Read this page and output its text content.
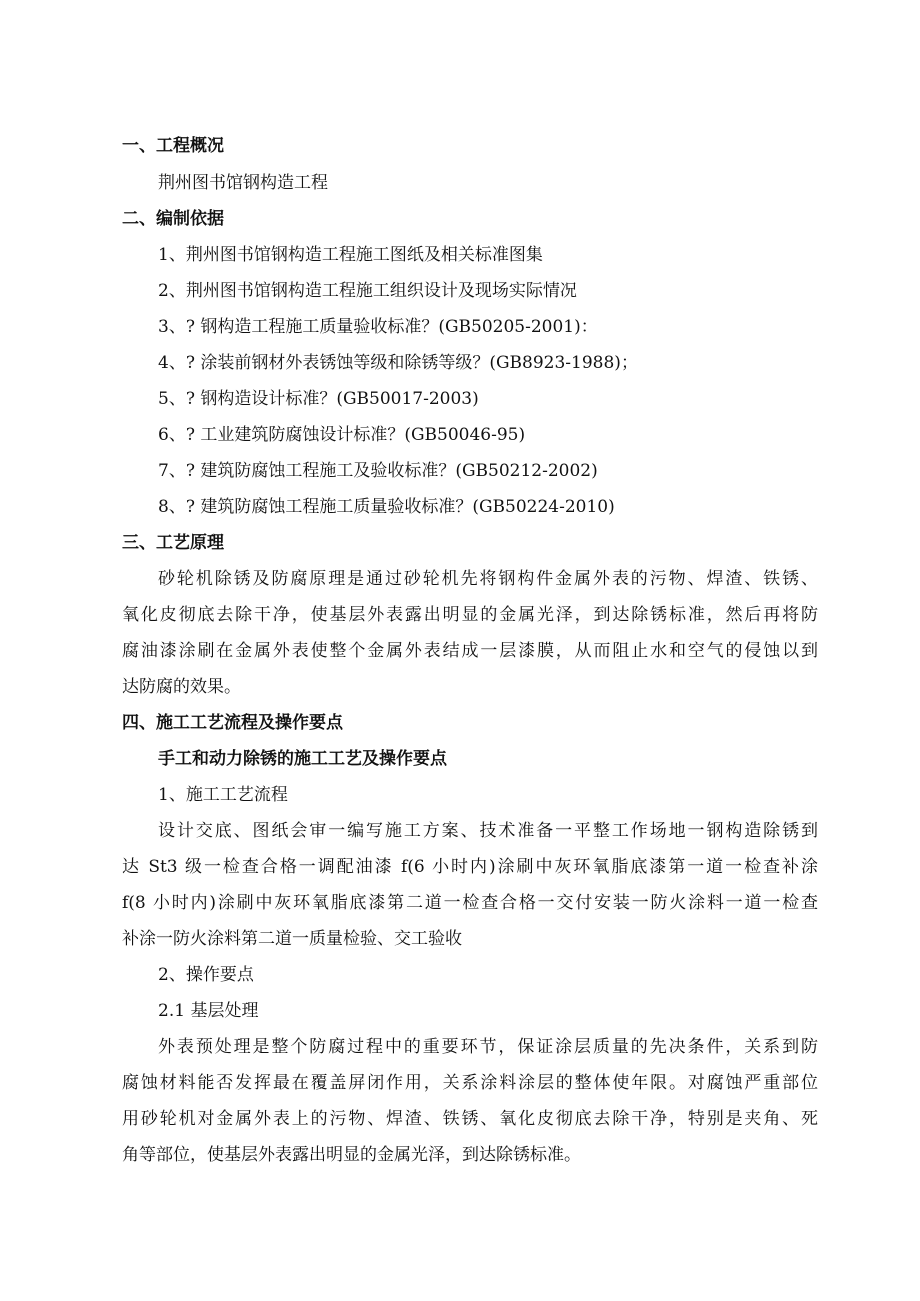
一、工程概况
荆州图书馆钢构造工程
二、编制依据
1、荆州图书馆钢构造工程施工图纸及相关标准图集
2、荆州图书馆钢构造工程施工组织设计及现场实际情况
3、? 钢构造工程施工质量验收标准？(GB50205-2001)：
4、? 涂装前钢材外表锈蚀等级和除锈等级？(GB8923-1988)；
5、? 钢构造设计标准？(GB50017-2003)
6、? 工业建筑防腐蚀设计标准？(GB50046-95)
7、? 建筑防腐蚀工程施工及验收标准？(GB50212-2002)
8、? 建筑防腐蚀工程施工质量验收标准？(GB50224-2010)
三、工艺原理
砂轮机除锈及防腐原理是通过砂轮机先将钢构件金属外表的污物、焊渣、铁锈、
氧化皮彻底去除干净，使基层外表露出明显的金属光泽，到达除锈标准，然后再将防
腐油漆涂刷在金属外表使整个金属外表结成一层漆膜，从而阻止水和空气的侵蚀以到
达防腐的效果。
四、施工工艺流程及操作要点
手工和动力除锈的施工工艺及操作要点
1、施工工艺流程
设计交底、图纸会审一编写施工方案、技术准备一平整工作场地一钢构造除锈到
达 St3 级一检查合格一调配油漆 f(6 小时内)涂刷中灰环氧脂底漆第一道一检查补涂
f(8 小时内)涂刷中灰环氧脂底漆第二道一检查合格一交付安装一防火涂料一道一检查
补涂一防火涂料第二道一质量检验、交工验收
2、操作要点
2.1 基层处理
外表预处理是整个防腐过程中的重要环节，保证涂层质量的先决条件，关系到防
腐蚀材料能否发挥最在覆盖屏闭作用，关系涂料涂层的整体使年限。对腐蚀严重部位
用砂轮机对金属外表上的污物、焊渣、铁锈、氧化皮彻底去除干净，特别是夹角、死
角等部位，使基层外表露出明显的金属光泽，到达除锈标准。
